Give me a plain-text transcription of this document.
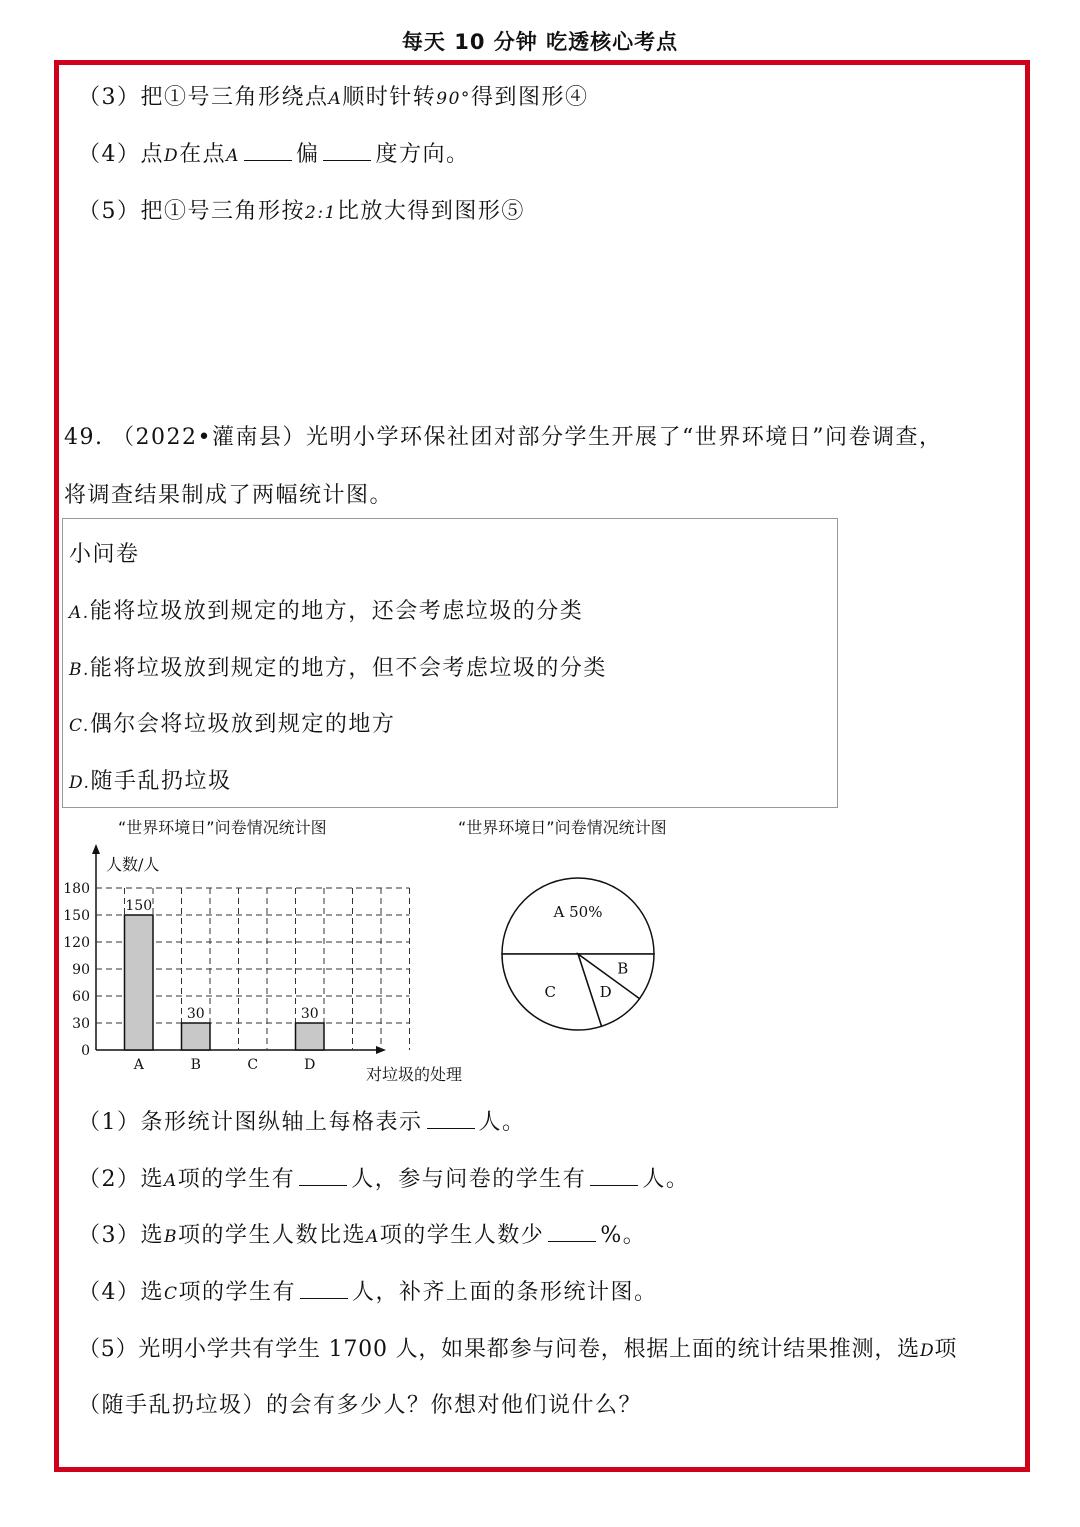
每天 10 分钟 吃透核心考点
（3）把①号三角形绕点A顺时针转90°得到图形④
（4）点D在点A	偏	度方向。
（5）把①号三角形按2:1比放大得到图形⑤
49. （2022•灌南县）光明小学环保社团对部分学生开展了“世界环境日”问卷调查，
将调查结果制成了两幅统计图。
小问卷
A.能将垃圾放到规定的地方，还会考虑垃圾的分类
B.能将垃圾放到规定的地方，但不会考虑垃圾的分类
C.偶尔会将垃圾放到规定的地方
D.随手乱扔垃圾
“世界环境日”问卷情况统计图
人数/人
对垃圾的处理
0
30
60
90
120
150
180
150
A
30
B	C
30
D
“世界环境日”问卷情况统计图
A 50%
B
D
C
（1）条形统计图纵轴上每格表示	人。
（2）选A项的学生有	人，参与问卷的学生有	人。
（3）选B项的学生人数比选A项的学生人数少	%。
（4）选C项的学生有	人，补齐上面的条形统计图。
（5）光明小学共有学生 1700 人，如果都参与问卷，根据上面的统计结果推测，选D项
（随手乱扔垃圾）的会有多少人？你想对他们说什么？
